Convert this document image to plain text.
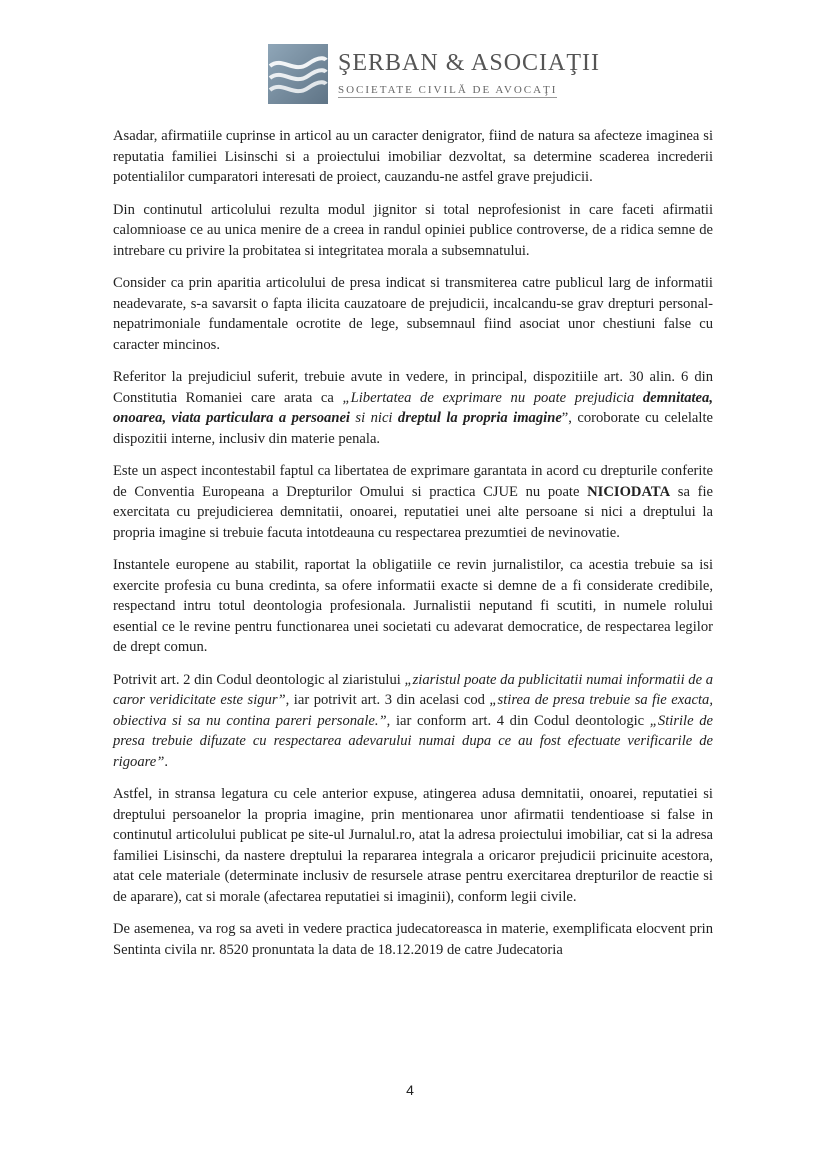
ŞERBAN & ASOCIAŢII
SOCIETATE CIVILĂ DE AVOCAŢI

Asadar, afirmatiile cuprinse in articol au un caracter denigrator, fiind de natura sa afecteze imaginea si reputatia familiei Lisinschi si a proiectului imobiliar dezvoltat, sa determine scaderea increderii potentialilor cumparatori interesati de proiect, cauzandu-ne astfel grave prejudicii.

Din continutul articolului rezulta modul jignitor si total neprofesionist in care faceti afirmatii calomnioase ce au unica menire de a creea in randul opiniei publice controverse, de a ridica semne de intrebare cu privire la probitatea si integritatea morala a subsemnatului.

Consider ca prin aparitia articolului de presa indicat si transmiterea catre publicul larg de informatii neadevarate, s-a savarsit o fapta ilicita cauzatoare de prejudicii, incalcandu-se grav drepturi personal-nepatrimoniale fundamentale ocrotite de lege, subsemnaul fiind asociat unor chestiuni false cu caracter mincinos.

Referitor la prejudiciul suferit, trebuie avute in vedere, in principal, dispozitiile art. 30 alin. 6 din Constitutia Romaniei care arata ca „Libertatea de exprimare nu poate prejudicia demnitatea, onoarea, viata particulara a persoanei si nici dreptul la propria imagine”, coroborate cu celelalte dispozitii interne, inclusiv din materie penala.

Este un aspect incontestabil faptul ca libertatea de exprimare garantata in acord cu drepturile conferite de Conventia Europeana a Drepturilor Omului si practica CJUE nu poate NICIODATA sa fie exercitata cu prejudicierea demnitatii, onoarei, reputatiei unei alte persoane si nici a dreptului la propria imagine si trebuie facuta intotdeauna cu respectarea prezumtiei de nevinovatie.

Instantele europene au stabilit, raportat la obligatiile ce revin jurnalistilor, ca acestia trebuie sa isi exercite profesia cu buna credinta, sa ofere informatii exacte si demne de a fi considerate credibile, respectand intru totul deontologia profesionala. Jurnalistii neputand fi scutiti, in numele rolului esential ce le revine pentru functionarea unei societati cu adevarat democratice, de respectarea legilor de drept comun.

Potrivit art. 2 din Codul deontologic al ziaristului „ziaristul poate da publicitatii numai informatii de a caror veridicitate este sigur”, iar potrivit art. 3 din acelasi cod „stirea de presa trebuie sa fie exacta, obiectiva si sa nu contina pareri personale.”, iar conform art. 4 din Codul deontologic „Stirile de presa trebuie difuzate cu respectarea adevarului numai dupa ce au fost efectuate verificarile de rigoare”.

Astfel, in stransa legatura cu cele anterior expuse, atingerea adusa demnitatii, onoarei, reputatiei si dreptului persoanelor la propria imagine, prin mentionarea unor afirmatii tendentioase si false in continutul articolului publicat pe site-ul Jurnalul.ro, atat la adresa proiectului imobiliar, cat si la adresa familiei Lisinschi, da nastere dreptului la repararea integrala a oricaror prejudicii pricinuite acestora, atat cele materiale (determinate inclusiv de resursele atrase pentru exercitarea drepturilor de reactie si de aparare), cat si morale (afectarea reputatiei si imaginii), conform legii civile.

De asemenea, va rog sa aveti in vedere practica judecatoreasca in materie, exemplificata elocvent prin Sentinta civila nr. 8520 pronuntata la data de 18.12.2019 de catre Judecatoria

4
